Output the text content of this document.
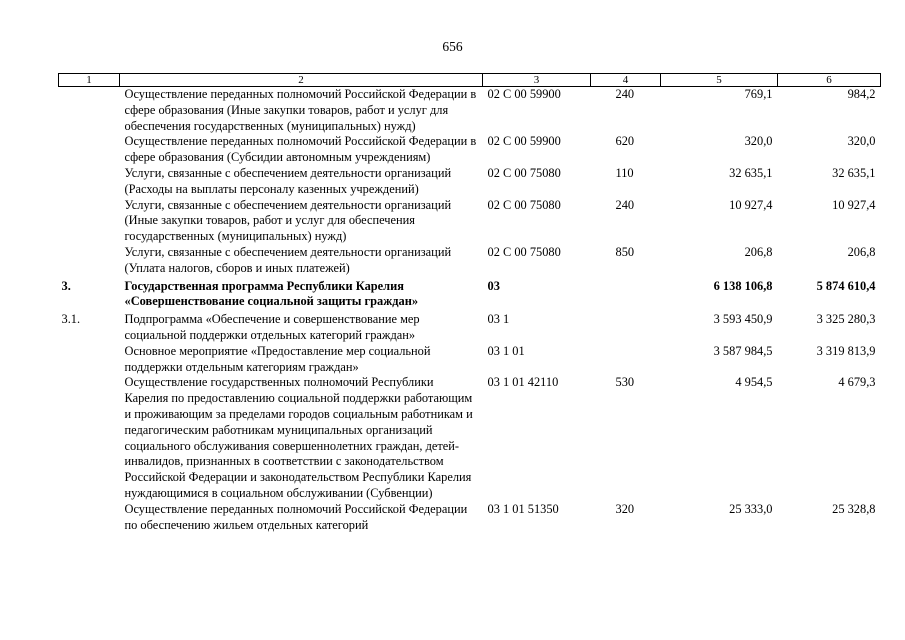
656
1	2	3	4	5	6
	Осуществление переданных полномочий Российской Федерации в сфере образования (Иные закупки товаров, работ и услуг для обеспечения государственных (муниципальных) нужд)	02 С 00 59900	240	769,1	984,2
	Осуществление переданных полномочий Российской Федерации в сфере образования (Субсидии автономным учреждениям)	02 С 00 59900	620	320,0	320,0
	Услуги, связанные с обеспечением деятельности организаций (Расходы на выплаты персоналу казенных учреждений)	02 С 00 75080	110	32 635,1	32 635,1
	Услуги, связанные с обеспечением деятельности организаций (Иные закупки товаров, работ и услуг для обеспечения государственных (муниципальных) нужд)	02 С 00 75080	240	10 927,4	10 927,4
	Услуги, связанные с обеспечением деятельности организаций (Уплата налогов, сборов и иных платежей)	02 С 00 75080	850	206,8	206,8
3.	Государственная программа Республики Карелия «Совершенствование социальной защиты граждан»	03		6 138 106,8	5 874 610,4
3.1.	Подпрограмма «Обеспечение и совершенствование мер социальной поддержки отдельных категорий граждан»	03 1		3 593 450,9	3 325 280,3
	Основное мероприятие «Предоставление мер социальной поддержки отдельным категориям граждан»	03 1 01		3 587 984,5	3 319 813,9
	Осуществление государственных полномочий Республики Карелия по предоставлению социальной поддержки работающим и проживающим за пределами городов социальным работникам и педагогическим работникам муниципальных организаций социального обслуживания совершеннолетних граждан, детей-инвалидов, признанных в соответствии с законодательством Российской Федерации и законодательством Республики Карелия нуждающимися в социальном обслуживании (Субвенции)	03 1 01 42110	530	4 954,5	4 679,3
	Осуществление переданных полномочий Российской Федерации по обеспечению жильем отдельных категорий	03 1 01 51350	320	25 333,0	25 328,8
